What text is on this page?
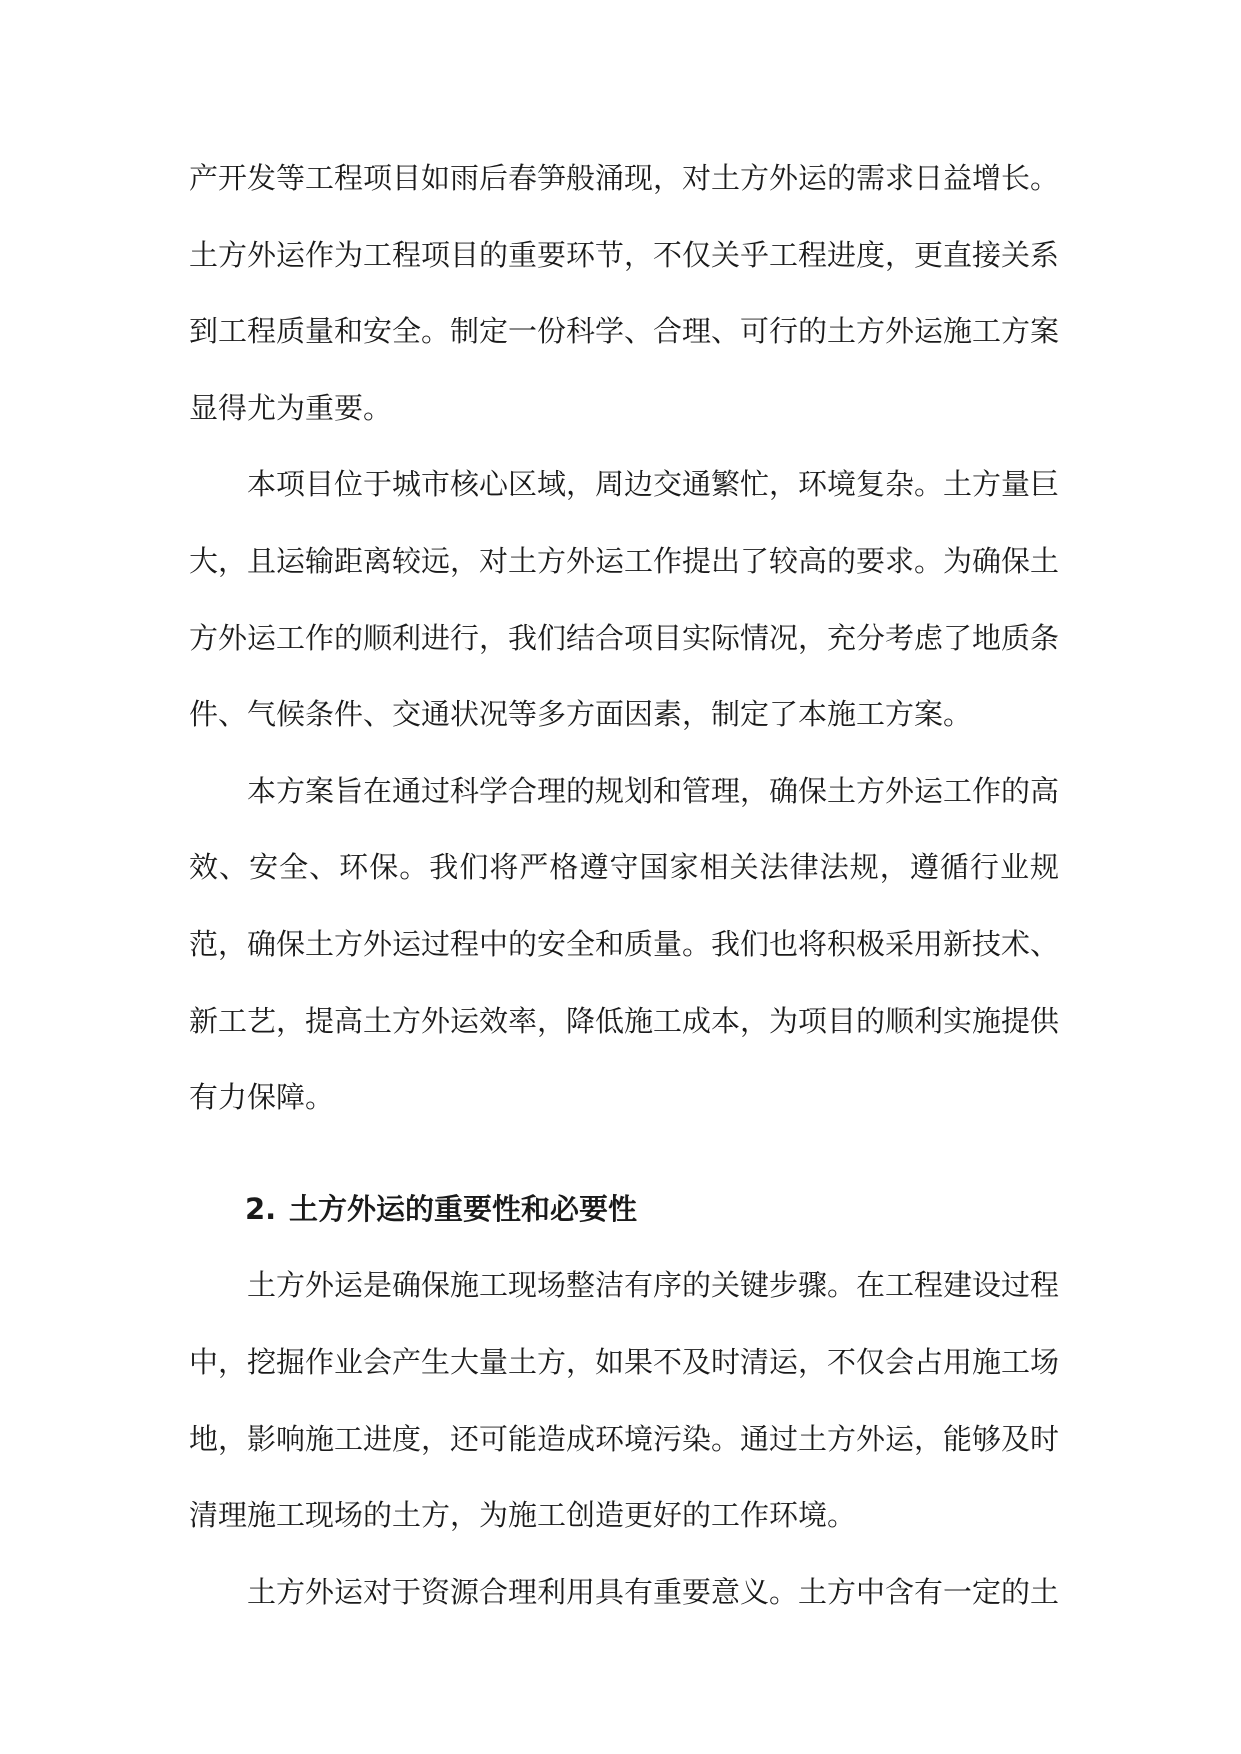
产开发等工程项目如雨后春笋般涌现，对土方外运的需求日益增长。土方外运作为工程项目的重要环节，不仅关乎工程进度，更直接关系到工程质量和安全。制定一份科学、合理、可行的土方外运施工方案显得尤为重要。

本项目位于城市核心区域，周边交通繁忙，环境复杂。土方量巨大，且运输距离较远，对土方外运工作提出了较高的要求。为确保土方外运工作的顺利进行，我们结合项目实际情况，充分考虑了地质条件、气候条件、交通状况等多方面因素，制定了本施工方案。

本方案旨在通过科学合理的规划和管理，确保土方外运工作的高效、安全、环保。我们将严格遵守国家相关法律法规，遵循行业规范，确保土方外运过程中的安全和质量。我们也将积极采用新技术、新工艺，提高土方外运效率，降低施工成本，为项目的顺利实施提供有力保障。

2. 土方外运的重要性和必要性

土方外运是确保施工现场整洁有序的关键步骤。在工程建设过程中，挖掘作业会产生大量土方，如果不及时清运，不仅会占用施工场地，影响施工进度，还可能造成环境污染。通过土方外运，能够及时清理施工现场的土方，为施工创造更好的工作环境。

土方外运对于资源合理利用具有重要意义。土方中含有一定的土
